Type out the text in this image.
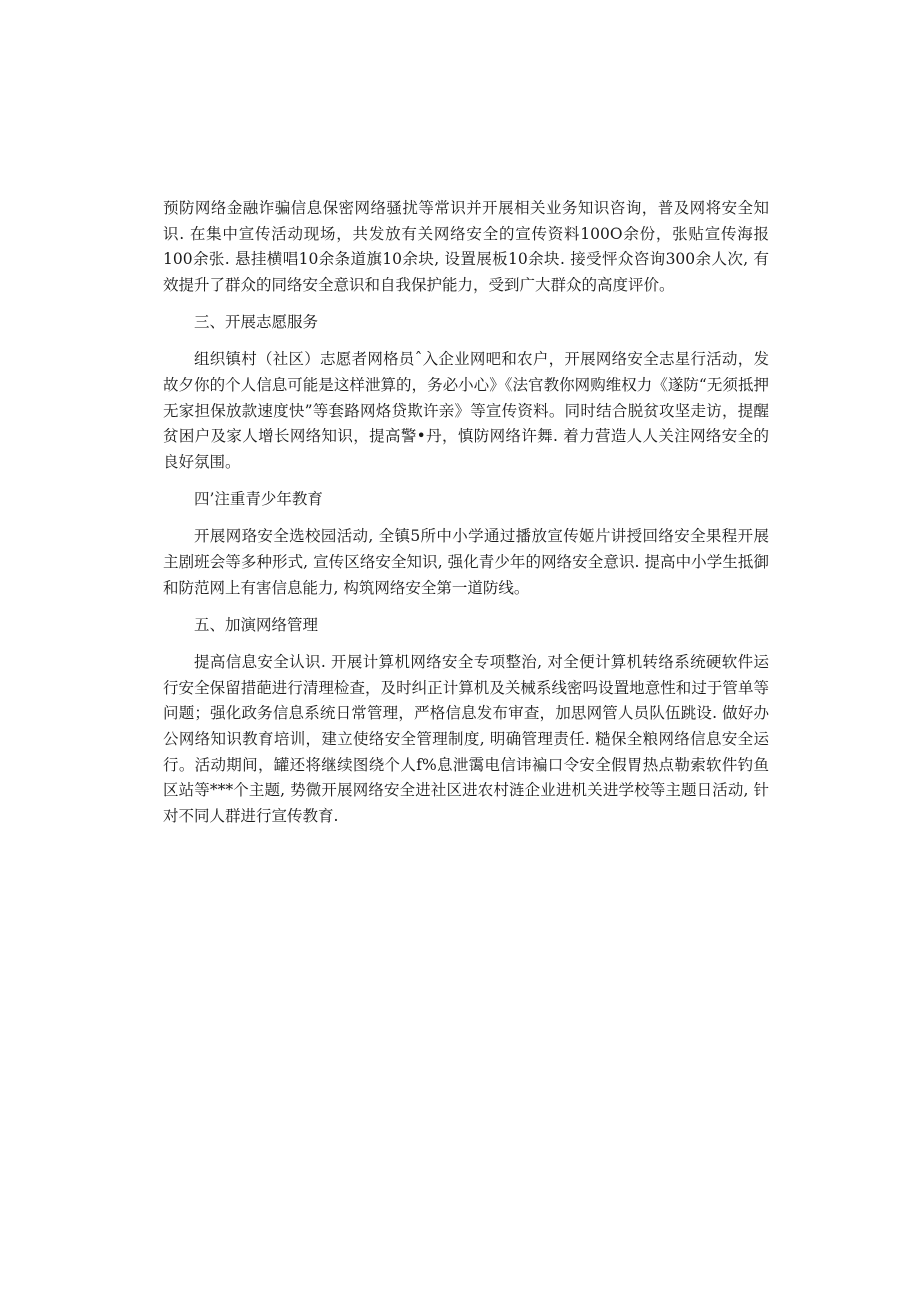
预防网络金融诈骗信息保密网络骚扰等常识并开展相关业务知识咨询，普及网将安全知识. 在集中宣传活动现场，共发放有关网络安全的宣传资料100O余份，张贴宣传海报100余张. 悬挂横唱10余条道旗10余块, 设置展板10余块. 接受怦众咨询300余人次, 有效提升了群众的同络安全意识和自我保护能力，受到广大群众的高度评价。

三、开展志愿服务

组织镇村（社区）志愿者网格员ˆ入企业网吧和农户，开展网络安全志星行活动，发故夕你的个人信息可能是这样泄算的，务必小心》《法官教你网购维权力《遂防“无须抵押无家担保放款速度快”等套路网烙贷欺许亲》等宣传资料。同时结合脱贫攻坚走访，提醒贫困户及家人增长网络知识，提高警•丹，慎防网络许舞. 着力营造人人关注网络安全的良好氛围。

四’注重青少年教育

开展网珞安全选校园活动, 全镇5所中小学通过播放宣传姬片讲授回络安全果程开展主剧班会等多种形式, 宣传区络安全知识, 强化青少年的网络安全意识. 提高中小学生抵御和防范网上有害信息能力, 构筑网络安全第一道防线。

五、加演网络管理

提高信息安全认识. 开展计算机网络安全专项整治, 对全便计算机转络系统硬软件运行安全保留措葩进行清理检查，及时纠正计算机及关械系线密吗设置地意性和过于管单等问题；强化政务信息系统日常管理，严格信息发布审查，加思网管人员队伍跳设. 做好办公网络知识教育培训，建立使络安全管理制度, 明确管理责任. 糙保全粮网络信息安全运行。活动期间，罐还将继续图绕个人f%息泄霭电信讳褊口令安全假胃热点勒索软件钓鱼区站等***个主题, 势微开展网络安全进社区进农村涟企业进机关进学校等主题日活动, 针对不同人群进行宣传教育.
